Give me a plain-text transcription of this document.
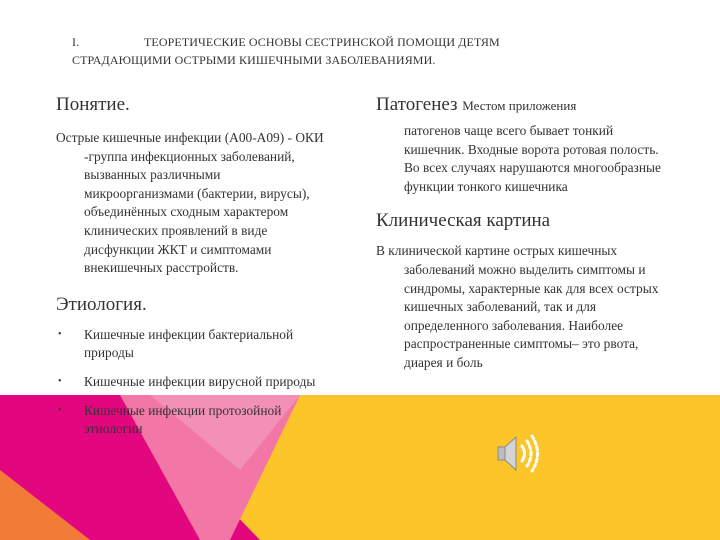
I.	ТЕОРЕТИЧЕСКИЕ ОСНОВЫ СЕСТРИНСКОЙ ПОМОЩИ ДЕТЯМ
СТРАДАЮЩИМИ ОСТРЫМИ КИШЕЧНЫМИ ЗАБОЛЕВАНИЯМИ.

Понятие.

Острые кишечные инфекции (А00-А09) - ОКИ -группа инфекционных заболеваний, вызванных различными микроорганизмами (бактерии, вирусы), объединённых сходным характером клинических проявлений в виде дисфункции ЖКТ и симптомами внекишечных расстройств.

Этиология.

• Кишечные инфекции бактериальной природы
• Кишечные инфекции вирусной природы
• Кишечные инфекции протозойной этиологии

Патогенез Местом приложения

патогенов чаще всего бывает тонкий кишечник. Входные ворота ротовая полость. Во всех случаях нарушаются многообразные функции тонкого кишечника

Клиническая картина

В клинической картине острых кишечных заболеваний можно выделить симптомы и синдромы, характерные как для всех острых кишечных заболеваний, так и для определенного заболевания. Наиболее распространенные симптомы– это рвота, диарея и боль
